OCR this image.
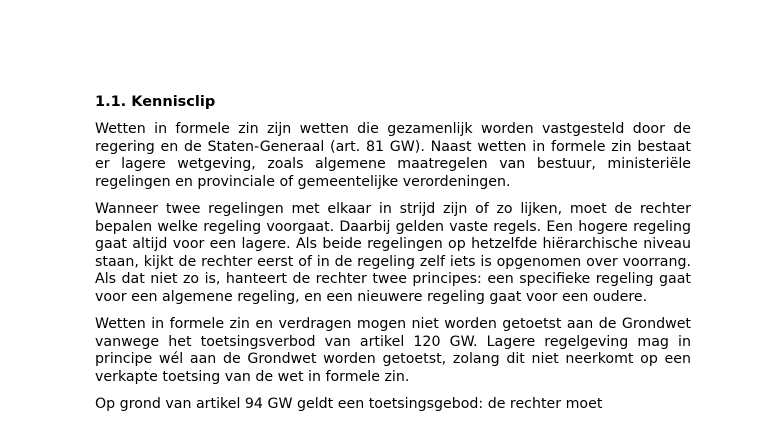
1.1. Kennisclip

Wetten in formele zin zijn wetten die gezamenlijk worden vastgesteld door de regering en de Staten-Generaal (art. 81 GW). Naast wetten in formele zin bestaat er lagere wetgeving, zoals algemene maatregelen van bestuur, ministeriële regelingen en provinciale of gemeentelijke verordeningen.

Wanneer twee regelingen met elkaar in strijd zijn of zo lijken, moet de rechter bepalen welke regeling voorgaat. Daarbij gelden vaste regels. Een hogere regeling gaat altijd voor een lagere. Als beide regelingen op hetzelfde hiërarchische niveau staan, kijkt de rechter eerst of in de regeling zelf iets is opgenomen over voorrang. Als dat niet zo is, hanteert de rechter twee principes: een specifieke regeling gaat voor een algemene regeling, en een nieuwere regeling gaat voor een oudere.

Wetten in formele zin en verdragen mogen niet worden getoetst aan de Grondwet vanwege het toetsingsverbod van artikel 120 GW. Lagere regelgeving mag in principe wél aan de Grondwet worden getoetst, zolang dit niet neerkomt op een verkapte toetsing van de wet in formele zin.

Op grond van artikel 94 GW geldt een toetsingsgebod: de rechter moet
